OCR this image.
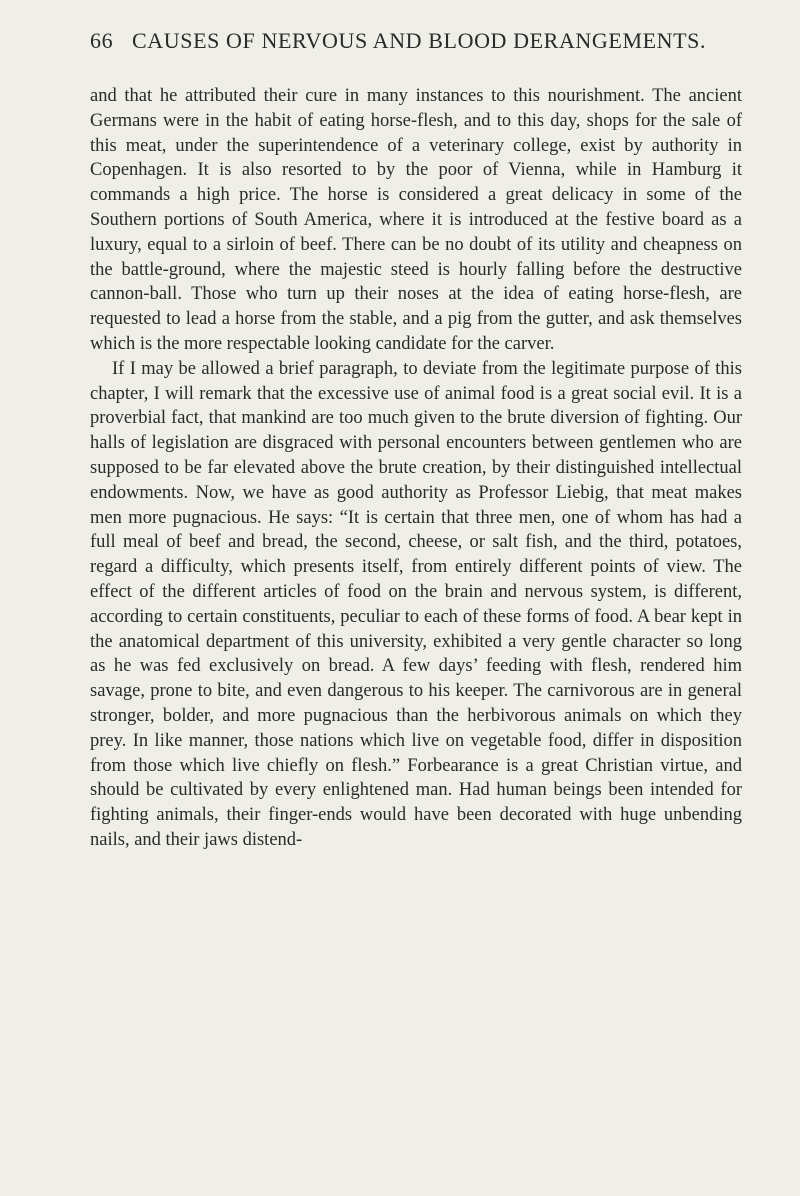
66 CAUSES OF NERVOUS AND BLOOD DERANGEMENTS.

and that he attributed their cure in many instances to this nourishment. The ancient Germans were in the habit of eating horse-flesh, and to this day, shops for the sale of this meat, under the superintendence of a veterinary college, exist by authority in Copenhagen. It is also resorted to by the poor of Vienna, while in Hamburg it commands a high price. The horse is considered a great delicacy in some of the Southern portions of South America, where it is introduced at the festive board as a luxury, equal to a sirloin of beef. There can be no doubt of its utility and cheapness on the battle-ground, where the majestic steed is hourly falling before the destructive cannon-ball. Those who turn up their noses at the idea of eating horse-flesh, are requested to lead a horse from the stable, and a pig from the gutter, and ask themselves which is the more respectable looking candidate for the carver.

If I may be allowed a brief paragraph, to deviate from the legitimate purpose of this chapter, I will remark that the excessive use of animal food is a great social evil. It is a proverbial fact, that mankind are too much given to the brute diversion of fighting. Our halls of legislation are disgraced with personal encounters between gentlemen who are supposed to be far elevated above the brute creation, by their distinguished intellectual endowments. Now, we have as good authority as Professor Liebig, that meat makes men more pugnacious. He says: “It is certain that three men, one of whom has had a full meal of beef and bread, the second, cheese, or salt fish, and the third, potatoes, regard a difficulty, which presents itself, from entirely different points of view. The effect of the different articles of food on the brain and nervous system, is different, according to certain constituents, peculiar to each of these forms of food. A bear kept in the anatomical department of this university, exhibited a very gentle character so long as he was fed exclusively on bread. A few days’ feeding with flesh, rendered him savage, prone to bite, and even dangerous to his keeper. The carnivorous are in general stronger, bolder, and more pugnacious than the herbivorous animals on which they prey. In like manner, those nations which live on vegetable food, differ in disposition from those which live chiefly on flesh.” Forbearance is a great Christian virtue, and should be cultivated by every enlightened man. Had human beings been intended for fighting animals, their finger-ends would have been decorated with huge unbending nails, and their jaws distend-
